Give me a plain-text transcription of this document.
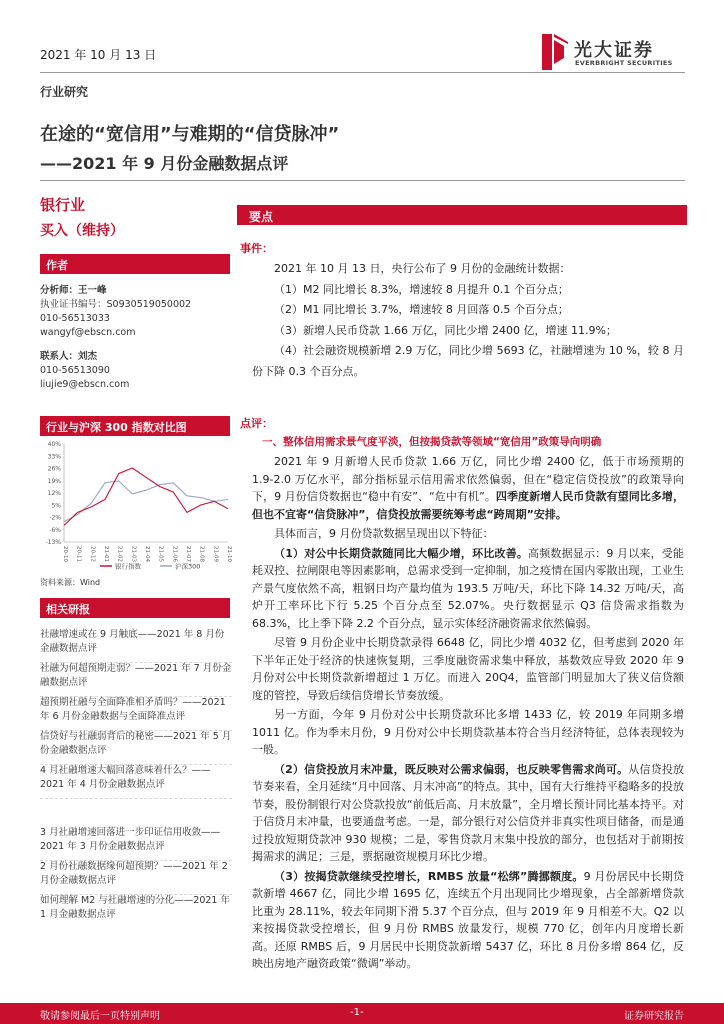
2021 年 10 月 13 日	光大证券
EVERBRIGHT SECURITIES
行业研究
在途的“宽信用”与难期的“信贷脉冲”
——2021 年 9 月份金融数据点评
银行业
买入（维持）
作者
分析师：王一峰
执业证书编号：S0930519050002
010-56513033
wangyf@ebscn.com
联系人：刘杰
010-56513090
liujie9@ebscn.com
行业与沪深 300 指数对比图
40%
33%
26%
19%
12%
5%
-2%
-6%
-13%
20-10 20-11 20-12 21-01 21-02 21-03 21-04 21-05 21-06 21-07 21-08 21-09 21-10
银行指数	沪深300
资料来源：Wind
相关研报
社融增速或在 9 月触底——2021 年 8 月份金融数据点评
社融为何超预期走弱？——2021 年 7 月份金融数据点评
超预期社融与全面降准相矛盾吗？——2021 年 6 月份金融数据与全面降准点评
信贷好与社融弱背后的秘密——2021 年 5 月份金融数据点评
4 月社融增速大幅回落意味着什么？——2021 年 4 月份金融数据点评
3 月社融增速回落进一步印证信用收敛——2021 年 3 月份金融数据点评
2 月份社融数据缘何超预期？——2021 年 2 月份金融数据点评
如何理解 M2 与社融增速的分化——2021 年 1 月金融数据点评
要点
事件：
2021 年 10 月 13 日，央行公布了 9 月份的金融统计数据：
（1）M2 同比增长 8.3%，增速较 8 月提升 0.1 个百分点；
（2）M1 同比增长 3.7%，增速较 8 月回落 0.5 个百分点；
（3）新增人民币贷款 1.66 万亿，同比少增 2400 亿，增速 11.9%；
（4）社会融资规模新增 2.9 万亿，同比少增 5693 亿，社融增速为 10 %，较 8 月份下降 0.3 个百分点。
点评：
一、整体信用需求景气度平淡，但按揭贷款等领域“宽信用”政策导向明确

2021 年 9 月新增人民币贷款 1.66 万亿，同比少增 2400 亿，低于市场预期的 1.9-2.0 万亿水平，部分指标显示信用需求依然偏弱，但在“稳定信贷投放”的政策导向下，9 月份信贷数据也“稳中有安”、“危中有机”。四季度新增人民币贷款有望同比多增，但也不宜寄“信贷脉冲”，信贷投放需要统筹考虑“跨周期”安排。

具体而言，9 月份贷款数据呈现出以下特征：

（1）对公中长期贷款随同比大幅少增，环比改善。高频数据显示：9 月以来，受能耗双控、拉闸限电等因素影响，总需求受到一定抑制，加之疫情在国内零散出现，工业生产景气度依然不高，粗钢日均产量均值为 193.5 万吨/天，环比下降 14.32 万吨/天，高炉开工率环比下行 5.25 个百分点至 52.07%。央行数据显示 Q3 信贷需求指数为 68.3%，比上季下降 2.2 个百分点，显示实体经济融资需求依然偏弱。

尽管 9 月份企业中长期贷款录得 6648 亿，同比少增 4032 亿，但考虑到 2020 年下半年正处于经济的快速恢复期，三季度融资需求集中释放，基数效应导致 2020 年 9 月份对公中长期贷款新增超过 1 万亿。而进入 20Q4，监管部门明显加大了狭义信贷额度的管控，导致后续信贷增长节奏放缓。

另一方面，今年 9 月份对公中长期贷款环比多增 1433 亿，较 2019 年同期多增 1011 亿。作为季末月份，9 月份对公中长期贷款基本符合当月经济特征，总体表现较为一般。

（2）信贷投放月末冲量，既反映对公需求偏弱，也反映零售需求尚可。从信贷投放节奏来看，全月延续“月中回落、月末冲高”的特点。其中，国有大行维持平稳略多的投放节奏，股份制银行对公贷款投放“前低后高、月末放量”，全月增长预计同比基本持平。对于信贷月末冲量，也要通盘考虑。一是，部分银行对公信贷并非真实性项目储备，而是通过投放短期贷款冲 930 规模；二是，零售贷款月末集中投放的部分，也包括对于前期按揭需求的满足；三是，票据融资规模月环比少增。

（3）按揭贷款继续受控增长，RMBS 放量“松绑”腾挪额度。9 月份居民中长期贷款新增 4667 亿，同比少增 1695 亿，连续五个月出现同比少增现象，占全部新增贷款比重为 28.11%，较去年同期下滑 5.37 个百分点，但与 2019 年 9 月相差不大。Q2 以来按揭贷款受控增长，但 9 月份 RMBS 放量发行，规模 770 亿，创年内月度增长新高。还原 RMBS 后，9 月居民中长期贷款新增 5437 亿，环比 8 月份多增 864 亿，反映出房地产融资政策“微调”举动。

敬请参阅最后一页特别声明	-1-	证券研究报告
